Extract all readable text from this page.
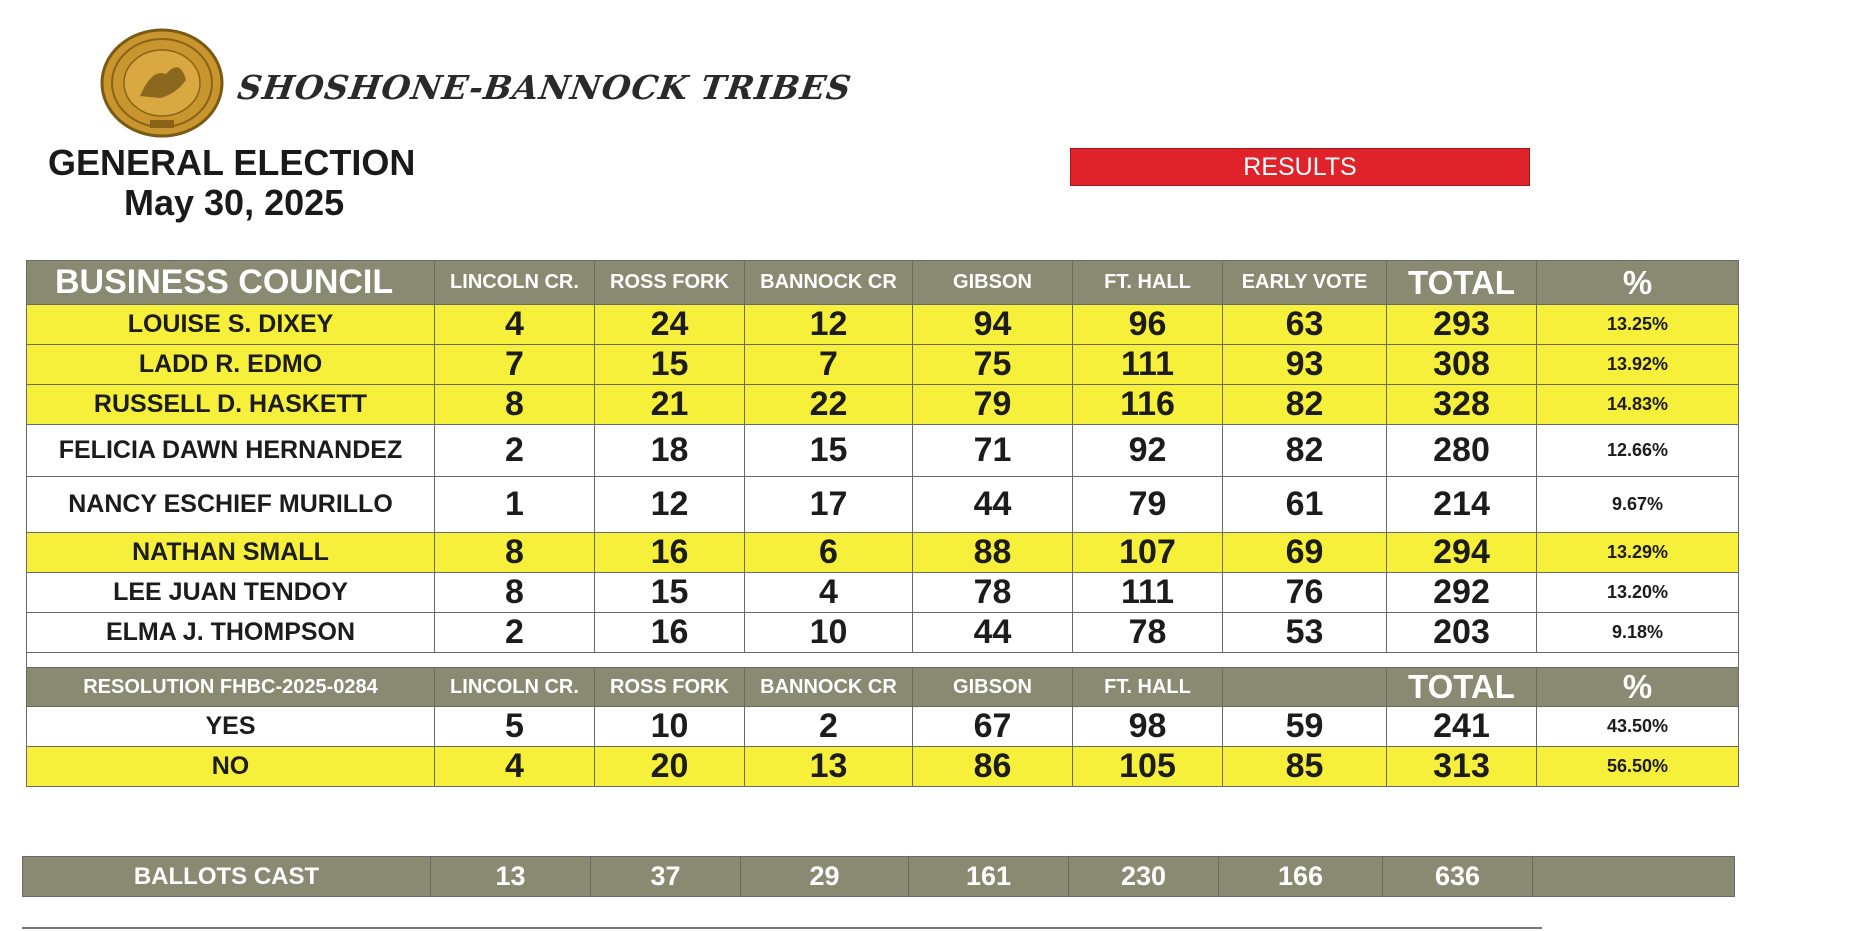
SHOSHONE-BANNOCK TRIBES
GENERAL ELECTION
May 30, 2025
RESULTS
BUSINESS COUNCIL	LINCOLN CR.	ROSS FORK	BANNOCK CR	GIBSON	FT. HALL	EARLY VOTE	TOTAL	%
LOUISE S. DIXEY	4	24	12	94	96	63	293	13.25%
LADD R. EDMO	7	15	7	75	111	93	308	13.92%
RUSSELL D. HASKETT	8	21	22	79	116	82	328	14.83%
FELICIA DAWN HERNANDEZ	2	18	15	71	92	82	280	12.66%
NANCY ESCHIEF MURILLO	1	12	17	44	79	61	214	9.67%
NATHAN SMALL	8	16	6	88	107	69	294	13.29%
LEE JUAN TENDOY	8	15	4	78	111	76	292	13.20%
ELMA J. THOMPSON	2	16	10	44	78	53	203	9.18%

RESOLUTION FHBC-2025-0284	LINCOLN CR.	ROSS FORK	BANNOCK CR	GIBSON	FT. HALL		TOTAL	%
YES	5	10	2	67	98	59	241	43.50%
NO	4	20	13	86	105	85	313	56.50%
BALLOTS CAST	13	37	29	161	230	166	636	
